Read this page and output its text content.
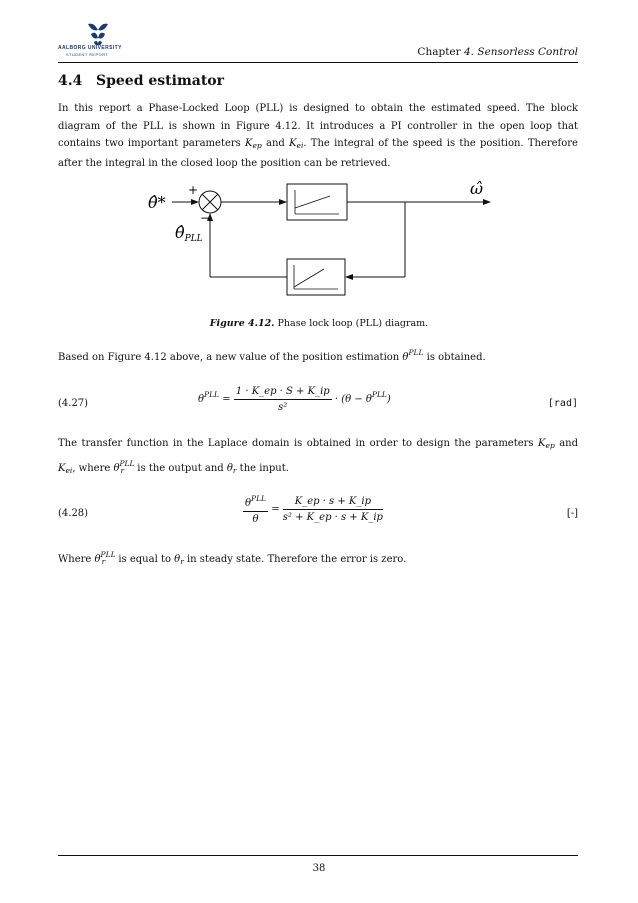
AALBORG UNIVERSITY
STUDENT REPORT	Chapter 4. Sensorless Control
4.4 Speed estimator

In this report a Phase-Locked Loop (PLL) is designed to obtain the estimated speed. The block diagram of the PLL is shown in Figure 4.12. It introduces a PI controller in the open loop that contains two important parameters $K_{ep}$ and $K_{ei}$. The integral of the speed is the position. Therefore after the integral in the closed loop the position can be retrieved.

θ̂*
+
−
ω̂
θ̂PLL
Figure 4.12. Phase lock loop (PLL) diagram.

Based on Figure 4.12 above, a new value of the position estimation $\theta^{PLL}$ is obtained.

(4.27)	$\theta^{PLL} = \frac{1 \cdot K\_ep \cdot S + K\_ip}{\text{s²}} \cdot (\theta - \theta^{PLL})$	[rad]

The transfer function in the Laplace domain is obtained in order to design the parameters $K_{ep}$ and $K_{ei}$, where $\theta^{PLL}_r$ is the output and $\theta_r$ the input.

(4.28)	$\frac{\theta^{PLL}}{\theta} = \frac{K\_ep \cdot s + K\_ip}{\text{s² + K\_ep · s + K\_ip}}$	[-]

Where $\theta^{PLL}_r$ is equal to $\theta_r$ in steady state. Therefore the error is zero.

38
